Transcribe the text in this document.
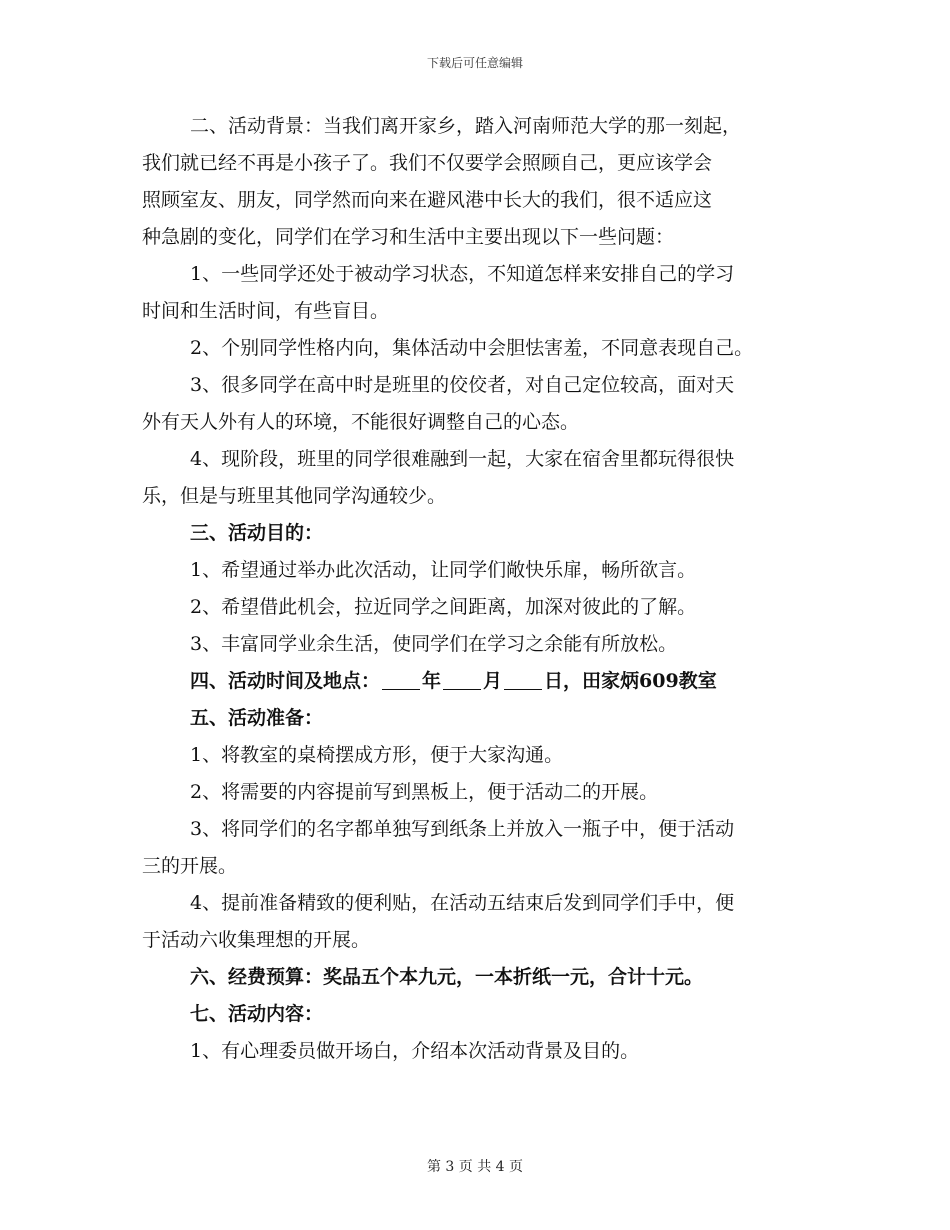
下载后可任意编辑

二、活动背景：当我们离开家乡，踏入河南师范大学的那一刻起，

我们就已经不再是小孩子了。我们不仅要学会照顾自己，更应该学会

照顾室友、朋友，同学然而向来在避风港中长大的我们，很不适应这

种急剧的变化，同学们在学习和生活中主要出现以下一些问题：

1、一些同学还处于被动学习状态，不知道怎样来安排自己的学习

时间和生活时间，有些盲目。

2、个别同学性格内向，集体活动中会胆怯害羞，不同意表现自己。

3、很多同学在高中时是班里的佼佼者，对自己定位较高，面对天

外有天人外有人的环境，不能很好调整自己的心态。

4、现阶段，班里的同学很难融到一起，大家在宿舍里都玩得很快

乐，但是与班里其他同学沟通较少。

三、活动目的：

1、希望通过举办此次活动，让同学们敞快乐扉，畅所欲言。

2、希望借此机会，拉近同学之间距离，加深对彼此的了解。

3、丰富同学业余生活，使同学们在学习之余能有所放松。

四、活动时间及地点： 年 月 日，田家炳609教室

五、活动准备：

1、将教室的桌椅摆成方形，便于大家沟通。

2、将需要的内容提前写到黑板上，便于活动二的开展。

3、将同学们的名字都单独写到纸条上并放入一瓶子中，便于活动

三的开展。

4、提前准备精致的便利贴，在活动五结束后发到同学们手中，便

于活动六收集理想的开展。

六、经费预算：奖品五个本九元，一本折纸一元，合计十元。

七、活动内容：

1、有心理委员做开场白，介绍本次活动背景及目的。

第 3 页 共 4 页
